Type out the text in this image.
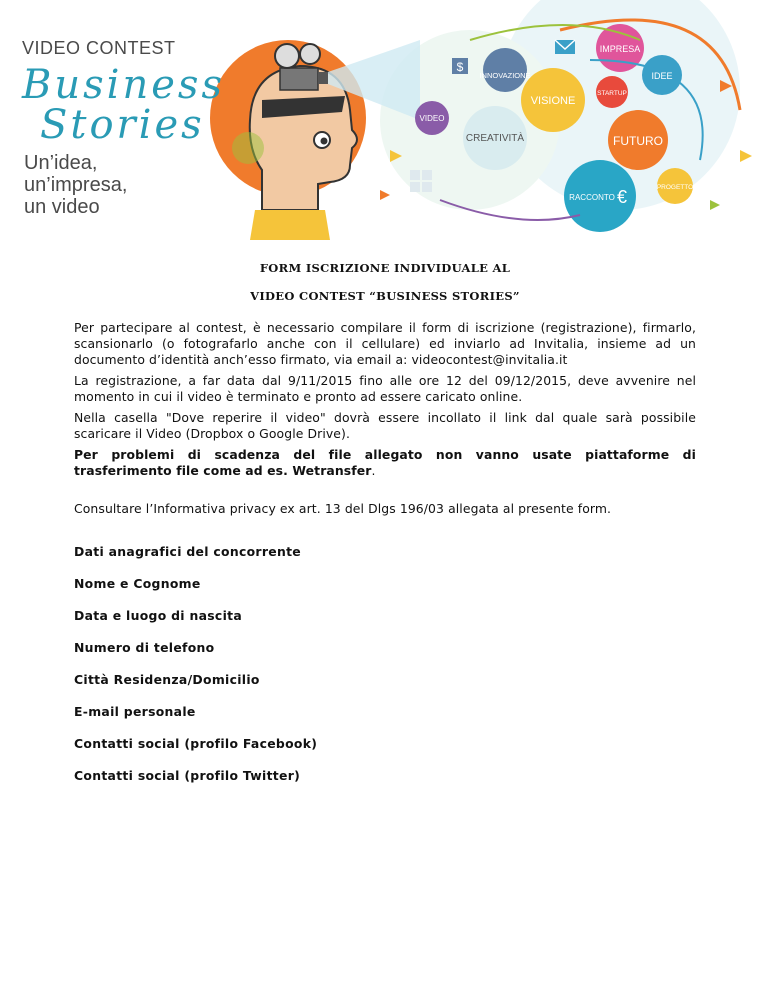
$
VIDEO
CREATIVITÀ
INNOVAZIONE
VISIONE
IMPRESA
STARTUP
IDEE
FUTURO
PROGETTO
RACCONTO €
VIDEO CONTEST
Business
Stories
Un’idea,
un’impresa,
un video
FORM ISCRIZIONE INDIVIDUALE AL
VIDEO CONTEST “BUSINESS STORIES”
Per partecipare al contest, è necessario compilare il form di iscrizione (registrazione), firmarlo, scansionarlo (o fotografarlo anche con il cellulare) ed inviarlo ad Invitalia, insieme ad un documento d’identità anch’esso firmato, via email a: videocontest@invitalia.it
La registrazione, a far data dal 9/11/2015 fino alle ore 12 del 09/12/2015, deve avvenire nel momento in cui il video è terminato e pronto ad essere caricato online.
Nella casella "Dove reperire il video" dovrà essere incollato il link dal quale sarà possibile scaricare il Video (Dropbox o Google Drive).
Per problemi di scadenza del file allegato non vanno usate piattaforme di trasferimento file come ad es. Wetransfer.
Consultare l’Informativa privacy ex art. 13 del Dlgs 196/03 allegata al presente form.
Dati anagrafici del concorrente
Nome e Cognome
Data e luogo di nascita
Numero di telefono
Città Residenza/Domicilio
E-mail personale
Contatti social (profilo Facebook)
Contatti social (profilo Twitter)
